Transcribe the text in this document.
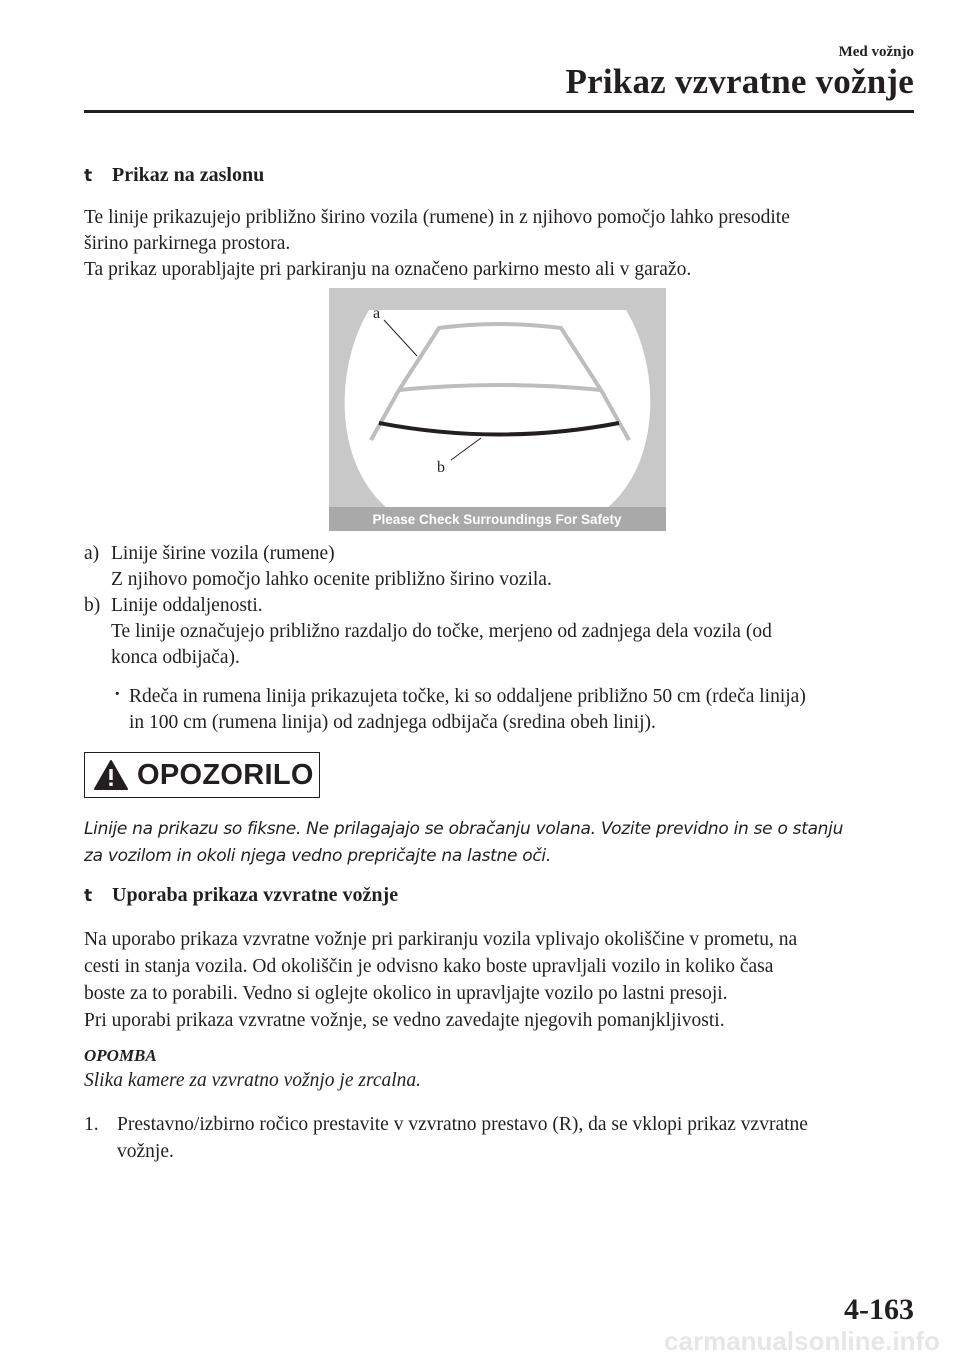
Med vožnjo
Prikaz vzvratne vožnje
t Prikaz na zaslonu
Te linije prikazujejo približno širino vozila (rumene) in z njihovo pomočjo lahko presodite
širino parkirnega prostora.
Ta prikaz uporabljajte pri parkiranju na označeno parkirno mesto ali v garažo.
a
b
Please Check Surroundings For Safety
a) Linije širine vozila (rumene)
Z njihovo pomočjo lahko ocenite približno širino vozila.
b) Linije oddaljenosti.
Te linije označujejo približno razdaljo do točke, merjeno od zadnjega dela vozila (od
konca odbijača).
· Rdeča in rumena linija prikazujeta točke, ki so oddaljene približno 50 cm (rdeča linija)
in 100 cm (rumena linija) od zadnjega odbijača (sredina obeh linij).
OPOZORILO
Linije na prikazu so fiksne. Ne prilagajajo se obračanju volana. Vozite previdno in se o stanju
za vozilom in okoli njega vedno prepričajte na lastne oči.
t Uporaba prikaza vzvratne vožnje
Na uporabo prikaza vzvratne vožnje pri parkiranju vozila vplivajo okoliščine v prometu, na
cesti in stanja vozila. Od okoliščin je odvisno kako boste upravljali vozilo in koliko časa
boste za to porabili. Vedno si oglejte okolico in upravljajte vozilo po lastni presoji.
Pri uporabi prikaza vzvratne vožnje, se vedno zavedajte njegovih pomanjkljivosti.
OPOMBA
Slika kamere za vzvratno vožnjo je zrcalna.
1. Prestavno/izbirno ročico prestavite v vzvratno prestavo (R), da se vklopi prikaz vzvratne
vožnje.
4-163
carmanualsonline.info
